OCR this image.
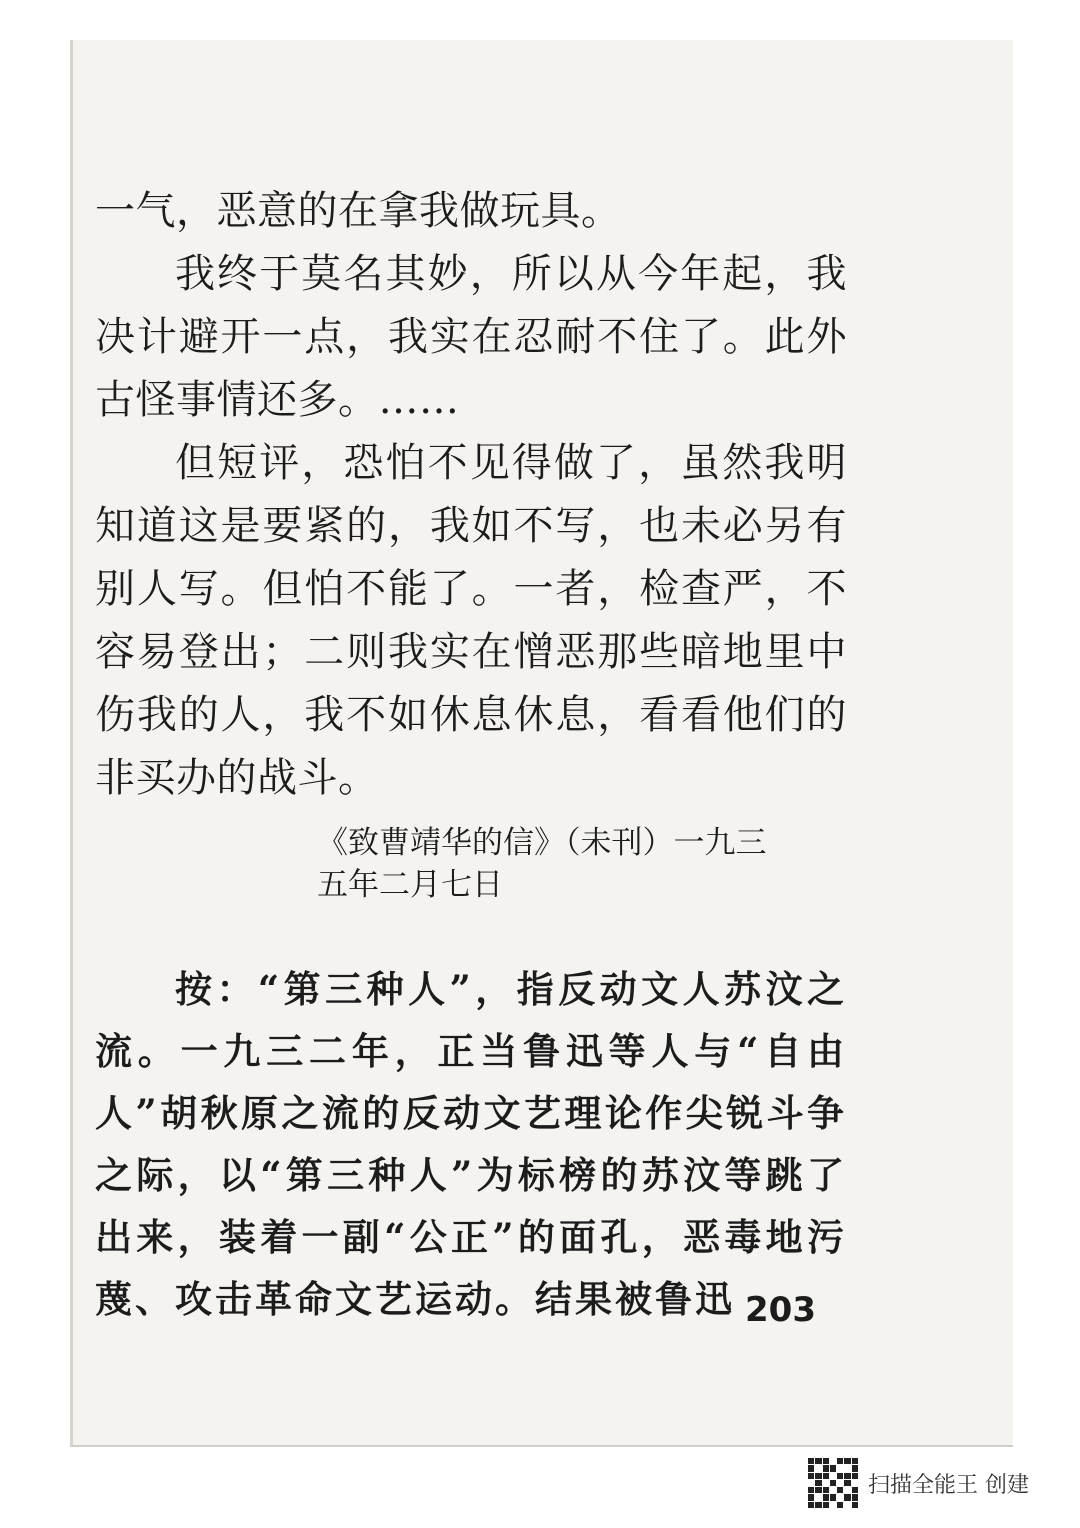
一气，恶意的在拿我做玩具。

我终于莫名其妙，所以从今年起，我决计避开一点，我实在忍耐不住了。此外古怪事情还多。……

但短评，恐怕不见得做了，虽然我明知道这是要紧的，我如不写，也未必另有别人写。但怕不能了。一者，检查严，不容易登出；二则我实在憎恶那些暗地里中伤我的人，我不如休息休息，看看他们的非买办的战斗。

《致曹靖华的信》（未刊）一九三五年二月七日

按：“第三种人”，指反动文人苏汶之流。一九三二年，正当鲁迅等人与“自由人”胡秋原之流的反动文艺理论作尖锐斗争之际，以“第三种人”为标榜的苏汶等跳了出来，装着一副“公正”的面孔，恶毒地污蔑、攻击革命文艺运动。结果被鲁迅 203
扫描全能王 创建
